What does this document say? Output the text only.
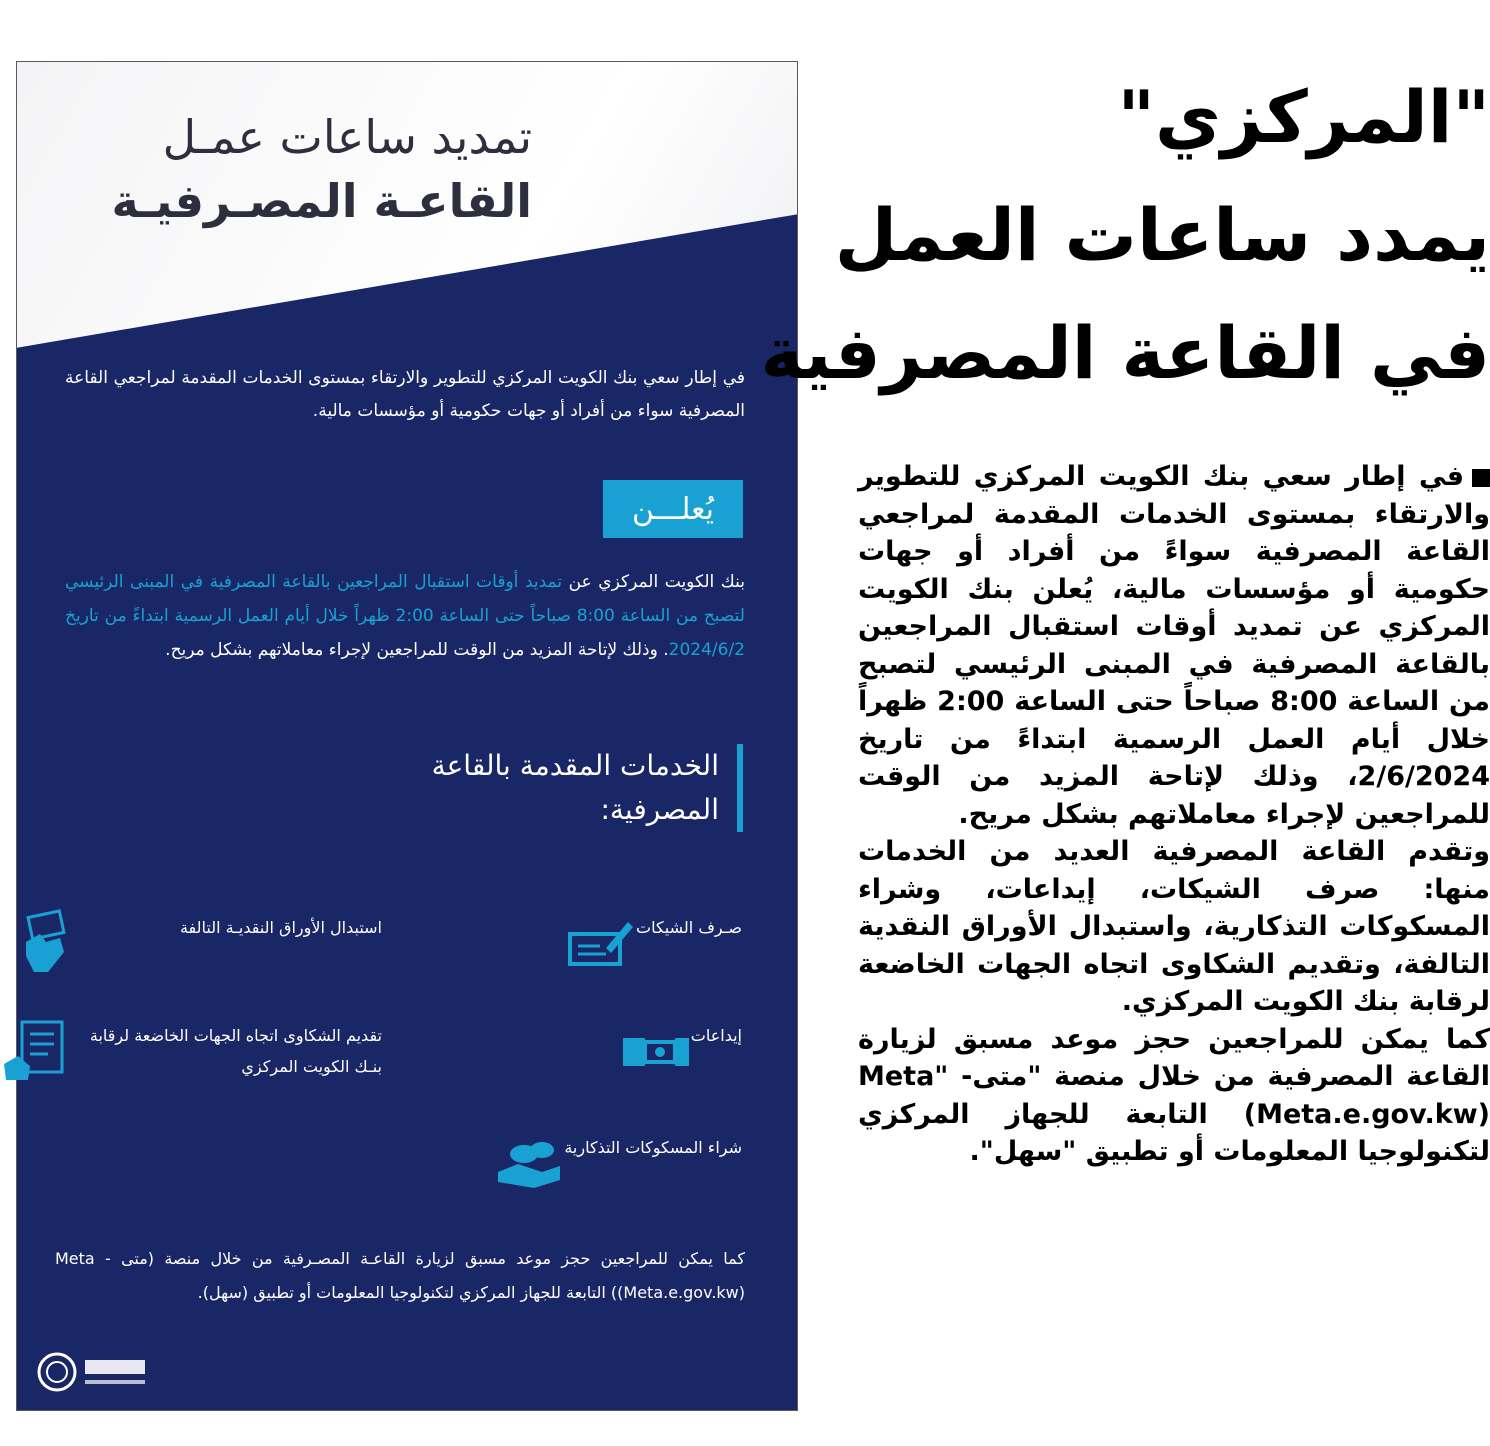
تمديد ساعات عمـل
القاعـة المصـرفيـة

في إطار سعي بنك الكويت المركزي للتطوير والارتقاء بمستوى الخدمات المقدمة لمراجعي القاعة المصرفية سواء من أفراد أو جهات حكومية أو مؤسسات مالية.

يُعلـــن

بنك الكويت المركزي عن تمديد أوقات استقبال المراجعين بالقاعة المصرفية في المبنى الرئيسي لتصبح من الساعة 8:00 صباحاً حتى الساعة 2:00 ظهراً خلال أيام العمل الرسمية ابتداءً من تاريخ 2024/6/2. وذلك لإتاحة المزيد من الوقت للمراجعين لإجراء معاملاتهم بشكل مريح.

الخدمات المقدمة بالقاعة
المصرفية:
صـرف الشيكات
استبدال الأوراق النقديـة التالفة
إيداعات
تقديم الشكاوى اتجاه الجهات الخاضعة لرقابة بنـك الكويت المركزي
شراء المسكوكات التذكارية

كما يمكن للمراجعين حجز موعد مسبق لزيارة القاعـة المصـرفية من خلال منصة (متى - Meta (Meta.e.gov.kw)) التابعة للجهاز المركزي لتكنولوجيا المعلومات أو تطبيق (سهل).

"المركزي"
يمدد ساعات العمل
في القاعة المصرفية

في إطار سعي بنك الكويت المركزي للتطوير والارتقاء بمستوى الخدمات المقدمة لمراجعي القاعة المصرفية سواءً من أفراد أو جهات حكومية أو مؤسسات مالية، يُعلن بنك الكويت المركزي عن تمديد أوقات استقبال المراجعين بالقاعة المصرفية في المبنى الرئيسي لتصبح من الساعة 8:00 صباحاً حتى الساعة 2:00 ظهراً خلال أيام العمل الرسمية ابتداءً من تاريخ 2/6/2024، وذلك لإتاحة المزيد من الوقت للمراجعين لإجراء معاملاتهم بشكل مريح.

وتقدم القاعة المصرفية العديد من الخدمات منها: صرف الشيكات، إيداعات، وشراء المسكوكات التذكارية، واستبدال الأوراق النقدية التالفة، وتقديم الشكاوى اتجاه الجهات الخاضعة لرقابة بنك الكويت المركزي.

كما يمكن للمراجعين حجز موعد مسبق لزيارة القاعة المصرفية من خلال منصة "متى- Meta" (Meta.e.gov.kw) التابعة للجهاز المركزي لتكنولوجيا المعلومات أو تطبيق "سهل".
